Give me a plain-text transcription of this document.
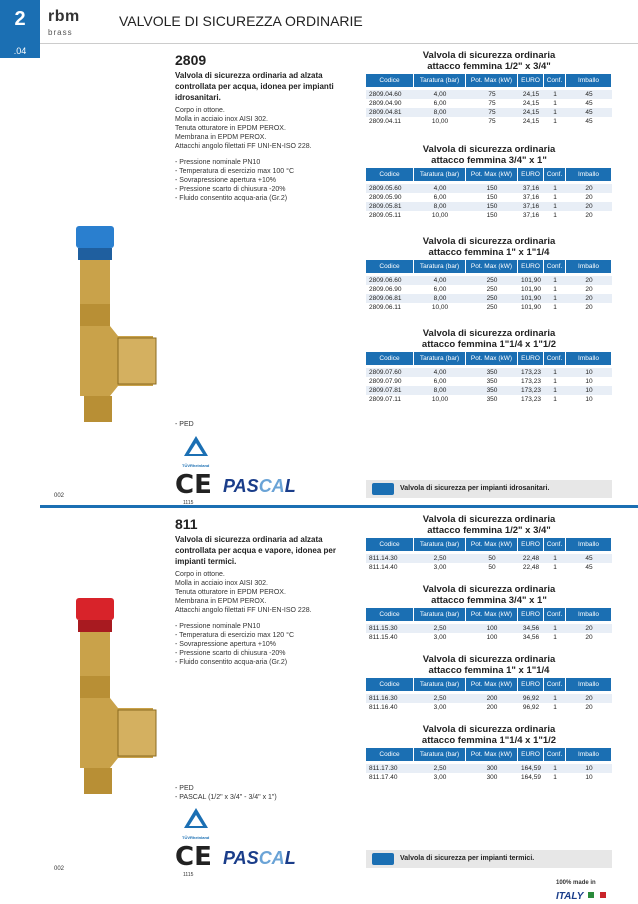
2	rbm
brass
VALVOLE DI SICUREZZA ORDINARIE
.04
2809
Valvola di sicurezza ordinaria ad alzata controllata per acqua, idonea per impianti idrosanitari.
Corpo in ottone.
Molla in acciaio inox AISI 302.
Tenuta otturatore in EPDM PEROX.
Membrana in EPDM PEROX.
Attacchi angolo filettati FF UNI-EN-ISO 228.
- Pressione nominale PN10
- Temperatura di esercizio max 100 °C
- Sovrapressione apertura +10%
- Pressione scarto di chiusura -20%
- Fluido consentito acqua-aria (Gr.2)
- PED
TÜVRheinland
CE
1115
PASCAL
002
Valvola di sicurezza per impianti idrosanitari.
Valvola di sicurezza ordinaria
attacco femmina 1/2" x 3/4"
Codice	Taratura (bar)	Pot. Max (kW)	EURO	Conf.	Imballo
2809.04.60	4,00	75	24,15	1	45
2809.04.90	6,00	75	24,15	1	45
2809.04.81	8,00	75	24,15	1	45
2809.04.11	10,00	75	24,15	1	45
Valvola di sicurezza ordinaria
attacco femmina 3/4" x 1"
Codice	Taratura (bar)	Pot. Max (kW)	EURO	Conf.	Imballo
2809.05.60	4,00	150	37,16	1	20
2809.05.90	6,00	150	37,16	1	20
2809.05.81	8,00	150	37,16	1	20
2809.05.11	10,00	150	37,16	1	20
Valvola di sicurezza ordinaria
attacco femmina 1" x 1"1/4
Codice	Taratura (bar)	Pot. Max (kW)	EURO	Conf.	Imballo
2809.06.60	4,00	250	101,90	1	20
2809.06.90	6,00	250	101,90	1	20
2809.06.81	8,00	250	101,90	1	20
2809.06.11	10,00	250	101,90	1	20
Valvola di sicurezza ordinaria
attacco femmina 1"1/4 x 1"1/2
Codice	Taratura (bar)	Pot. Max (kW)	EURO	Conf.	Imballo
2809.07.60	4,00	350	173,23	1	10
2809.07.90	6,00	350	173,23	1	10
2809.07.81	8,00	350	173,23	1	10
2809.07.11	10,00	350	173,23	1	10
811
Valvola di sicurezza ordinaria ad alzata controllata per acqua e vapore, idonea per impianti termici.
Corpo in ottone.
Molla in acciaio inox AISI 302.
Tenuta otturatore in EPDM PEROX.
Membrana in EPDM PEROX.
Attacchi angolo filettati FF UNI-EN-ISO 228.
- Pressione nominale PN10
- Temperatura di esercizio max 120 °C
- Sovrapressione apertura +10%
- Pressione scarto di chiusura -20%
- Fluido consentito acqua-aria (Gr.2)
- PED
- PASCAL (1/2" x 3/4" - 3/4" x 1")
TÜVRheinland
CE
1115
PASCAL
002
Valvola di sicurezza per impianti termici.
Valvola di sicurezza ordinaria
attacco femmina 1/2" x 3/4"
Codice	Taratura (bar)	Pot. Max (kW)	EURO	Conf.	Imballo
811.14.30	2,50	50	22,48	1	45
811.14.40	3,00	50	22,48	1	45
Valvola di sicurezza ordinaria
attacco femmina 3/4" x 1"
Codice	Taratura (bar)	Pot. Max (kW)	EURO	Conf.	Imballo
811.15.30	2,50	100	34,56	1	20
811.15.40	3,00	100	34,56	1	20
Valvola di sicurezza ordinaria
attacco femmina 1" x 1"1/4
Codice	Taratura (bar)	Pot. Max (kW)	EURO	Conf.	Imballo
811.16.30	2,50	200	96,92	1	20
811.16.40	3,00	200	96,92	1	20
Valvola di sicurezza ordinaria
attacco femmina 1"1/4 x 1"1/2
Codice	Taratura (bar)	Pot. Max (kW)	EURO	Conf.	Imballo
811.17.30	2,50	300	164,59	1	10
811.17.40	3,00	300	164,59	1	10
100% made in
ITALY
